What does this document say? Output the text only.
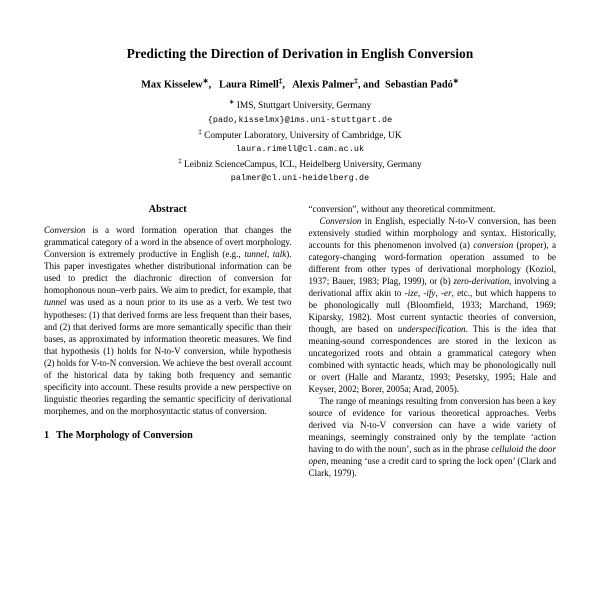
Predicting the Direction of Derivation in English Conversion
Max Kisselew∗,   Laura Rimell‡,   Alexis Palmer‡, and  Sebastian Padó∗
∗ IMS, Stuttgart University, Germany
{pado,kisselmx}@ims.uni-stuttgart.de
‡ Computer Laboratory, University of Cambridge, UK
laura.rimell@cl.cam.ac.uk
‡ Leibniz ScienceCampus, ICL, Heidelberg University, Germany
palmer@cl.uni-heidelberg.de
Abstract

Conversion is a word formation operation that changes the grammatical category of a word in the absence of overt morphology. Conversion is extremely productive in English (e.g., tunnel, talk). This paper investigates whether distributional information can be used to predict the diachronic direction of conversion for homophonous noun–verb pairs. We aim to predict, for example, that tunnel was used as a noun prior to its use as a verb. We test two hypotheses: (1) that derived forms are less frequent than their bases, and (2) that derived forms are more semantically specific than their bases, as approximated by information theoretic measures. We find that hypothesis (1) holds for N-to-V conversion, while hypothesis (2) holds for V-to-N conversion. We achieve the best overall account of the historical data by taking both frequency and semantic specificity into account. These results provide a new perspective on linguistic theories regarding the semantic specificity of derivational morphemes, and on the morphosyntactic status of conversion.

1 The Morphology of Conversion

“conversion”, without any theoretical commitment.

Conversion in English, especially N-to-V conversion, has been extensively studied within morphology and syntax. Historically, accounts for this phenomenon involved (a) conversion (proper), a category-changing word-formation operation assumed to be different from other types of derivational morphology (Koziol, 1937; Bauer, 1983; Plag, 1999), or (b) zero-derivation, involving a derivational affix akin to -ize, -ify, -er, etc., but which happens to be phonologically null (Bloomfield, 1933; Marchand, 1969; Kiparsky, 1982). Most current syntactic theories of conversion, though, are based on underspecification. This is the idea that meaning-sound correspondences are stored in the lexicon as uncategorized roots and obtain a grammatical category when combined with syntactic heads, which may be phonologically null or overt (Halle and Marantz, 1993; Pesetsky, 1995; Hale and Keyser, 2002; Borer, 2005a; Arad, 2005).

The range of meanings resulting from conversion has been a key source of evidence for various theoretical approaches. Verbs derived via N-to-V conversion can have a wide variety of meanings, seemingly constrained only by the template ‘action having to do with the noun’, such as in the phrase celluloid the door open, meaning ‘use a credit card to spring the lock open’ (Clark and Clark, 1979).
